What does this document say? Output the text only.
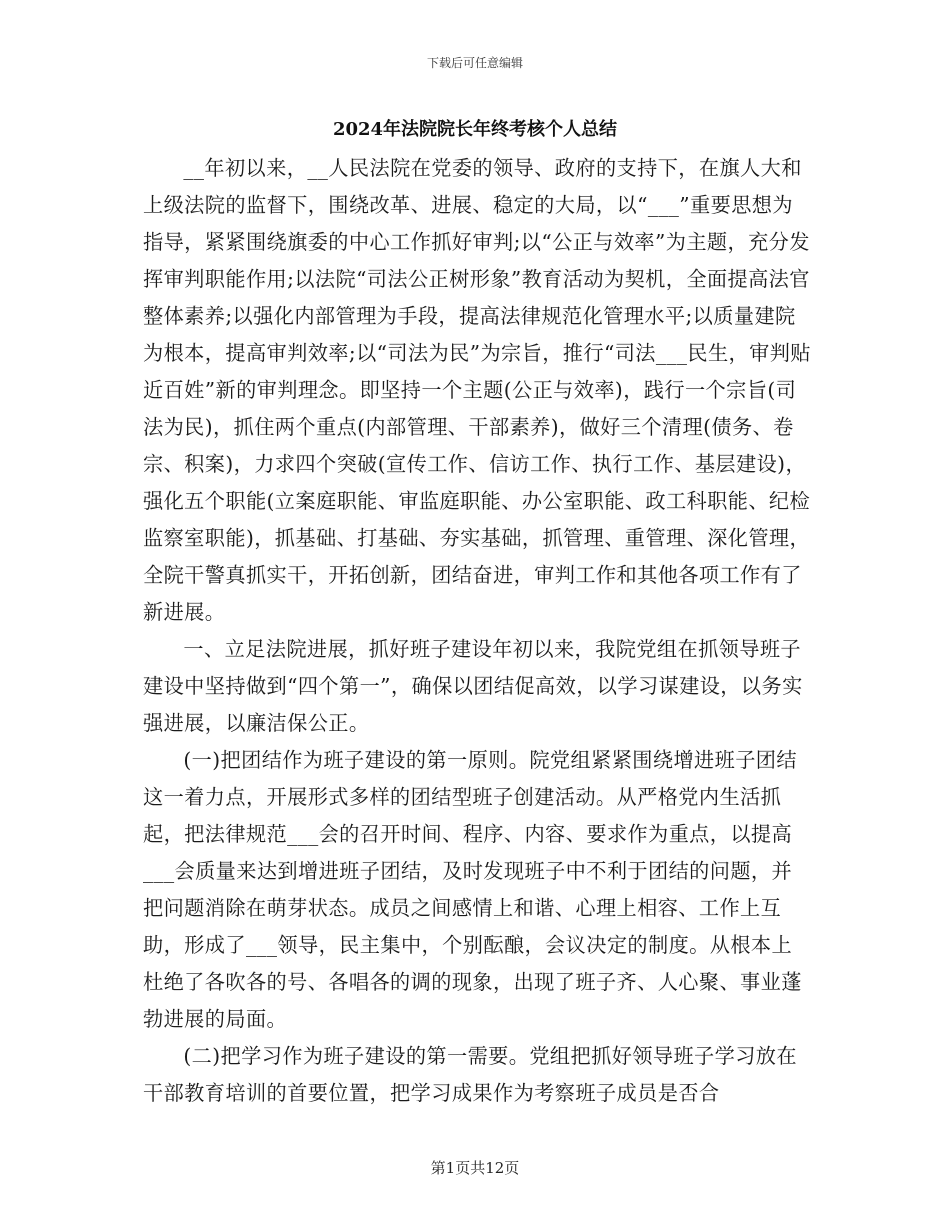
下载后可任意编辑
2024年法院院长年终考核个人总结

__年初以来，__人民法院在党委的领导、政府的支持下，在旗人大和上级法院的监督下，围绕改革、进展、稳定的大局，以“___”重要思想为指导，紧紧围绕旗委的中心工作抓好审判;以“公正与效率”为主题，充分发挥审判职能作用;以法院“司法公正树形象”教育活动为契机，全面提高法官整体素养;以强化内部管理为手段，提高法律规范化管理水平;以质量建院为根本，提高审判效率;以“司法为民”为宗旨，推行“司法___民生，审判贴近百姓”新的审判理念。即坚持一个主题(公正与效率)，践行一个宗旨(司法为民)，抓住两个重点(内部管理、干部素养)，做好三个清理(债务、卷宗、积案)，力求四个突破(宣传工作、信访工作、执行工作、基层建设)，强化五个职能(立案庭职能、审监庭职能、办公室职能、政工科职能、纪检监察室职能)，抓基础、打基础、夯实基础，抓管理、重管理、深化管理，全院干警真抓实干，开拓创新，团结奋进，审判工作和其他各项工作有了新进展。

一、立足法院进展，抓好班子建设年初以来，我院党组在抓领导班子建设中坚持做到“四个第一”，确保以团结促高效，以学习谋建设，以务实强进展，以廉洁保公正。

(一)把团结作为班子建设的第一原则。院党组紧紧围绕增进班子团结这一着力点，开展形式多样的团结型班子创建活动。从严格党内生活抓起，把法律规范___会的召开时间、程序、内容、要求作为重点，以提高___会质量来达到增进班子团结，及时发现班子中不利于团结的问题，并把问题消除在萌芽状态。成员之间感情上和谐、心理上相容、工作上互助，形成了___领导，民主集中，个别酝酿，会议决定的制度。从根本上杜绝了各吹各的号、各唱各的调的现象，出现了班子齐、人心聚、事业蓬勃进展的局面。

(二)把学习作为班子建设的第一需要。党组把抓好领导班子学习放在干部教育培训的首要位置，把学习成果作为考察班子成员是否合

第1页共12页
